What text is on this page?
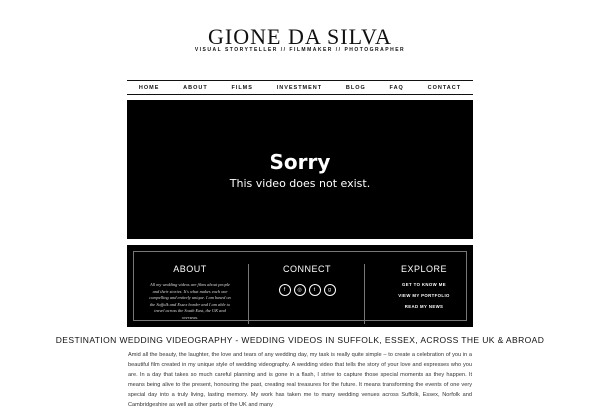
GIONE DA SILVA
VISUAL STORYTELLER // FILMMAKER // PHOTOGRAPHER
HOME	ABOUT	FILMS	INVESTMENT	BLOG	FAQ	CONTACT
Sorry
This video does not exist.
ABOUT
All my wedding videos are films about people and their stories. It's what makes each one compelling and entirely unique. I am based on the Suffolk and Essex border and I am able to travel across the South East, the UK and overseas.
CONNECT
f	◎	t	g
EXPLORE
GET TO KNOW ME
VIEW MY PORTFOLIO
READ MY NEWS
DESTINATION WEDDING VIDEOGRAPHY - WEDDING VIDEOS IN SUFFOLK, ESSEX, ACROSS THE UK & ABROAD
Amid all the beauty, the laughter, the love and tears of any wedding day, my task is really quite simple – to create a celebration of you in a beautiful film created in my unique style of wedding videography. A wedding video that tells the story of your love and expresses who you are. In a day that takes so much careful planning and is gone in a flash, I strive to capture those special moments as they happen. It means being alive to the present, honouring the past, creating real treasures for the future. It means transforming the events of one very special day into a truly living, lasting memory. My work has taken me to many wedding venues across Suffolk, Essex, Norfolk and Cambridgeshire as well as other parts of the UK and many
